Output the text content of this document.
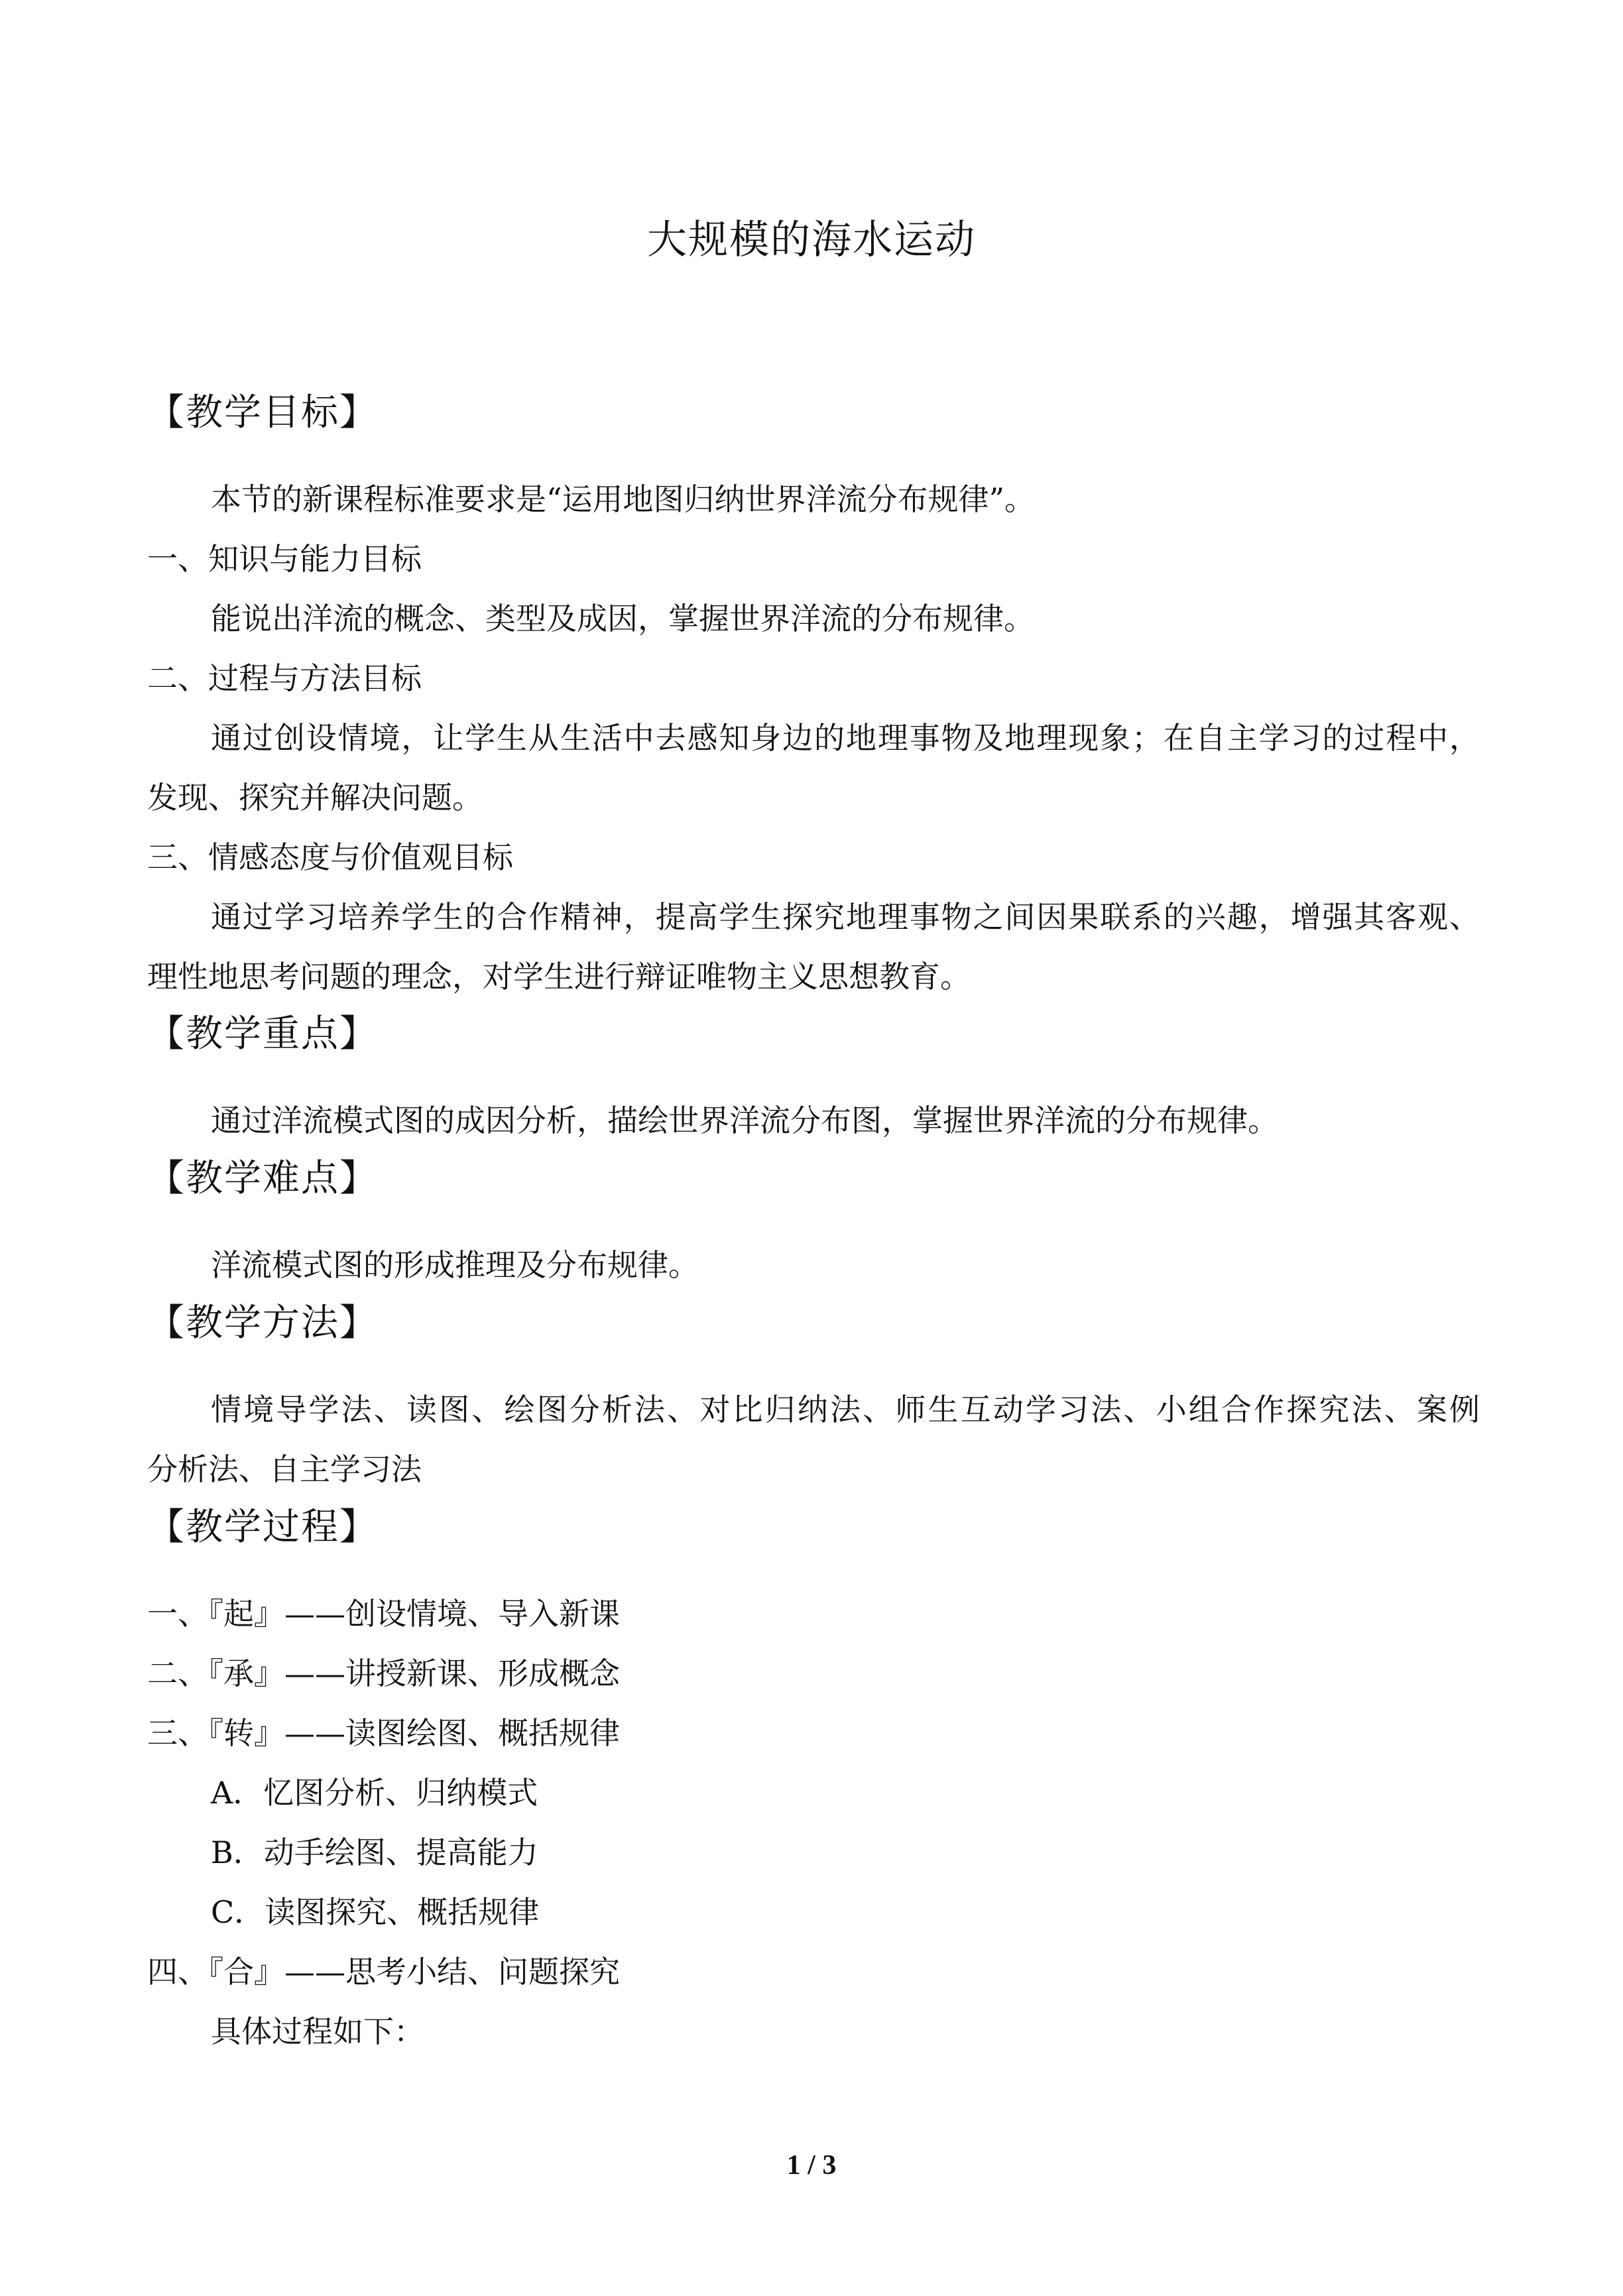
大规模的海水运动
【教学目标】
本节的新课程标准要求是“运用地图归纳世界洋流分布规律”。
一、知识与能力目标
能说出洋流的概念、类型及成因，掌握世界洋流的分布规律。
二、过程与方法目标
通过创设情境，让学生从生活中去感知身边的地理事物及地理现象；在自主学习的过程中，
发现、探究并解决问题。
三、情感态度与价值观目标
通过学习培养学生的合作精神，提高学生探究地理事物之间因果联系的兴趣，增强其客观、
理性地思考问题的理念，对学生进行辩证唯物主义思想教育。
【教学重点】
通过洋流模式图的成因分析，描绘世界洋流分布图，掌握世界洋流的分布规律。
【教学难点】
洋流模式图的形成推理及分布规律。
【教学方法】
情境导学法、读图、绘图分析法、对比归纳法、师生互动学习法、小组合作探究法、案例
分析法、自主学习法
【教学过程】
一、『起』——创设情境、导入新课
二、『承』——讲授新课、形成概念
三、『转』——读图绘图、概括规律
A．忆图分析、归纳模式
B．动手绘图、提高能力
C．读图探究、概括规律
四、『合』——思考小结、问题探究
具体过程如下：
1 / 3
